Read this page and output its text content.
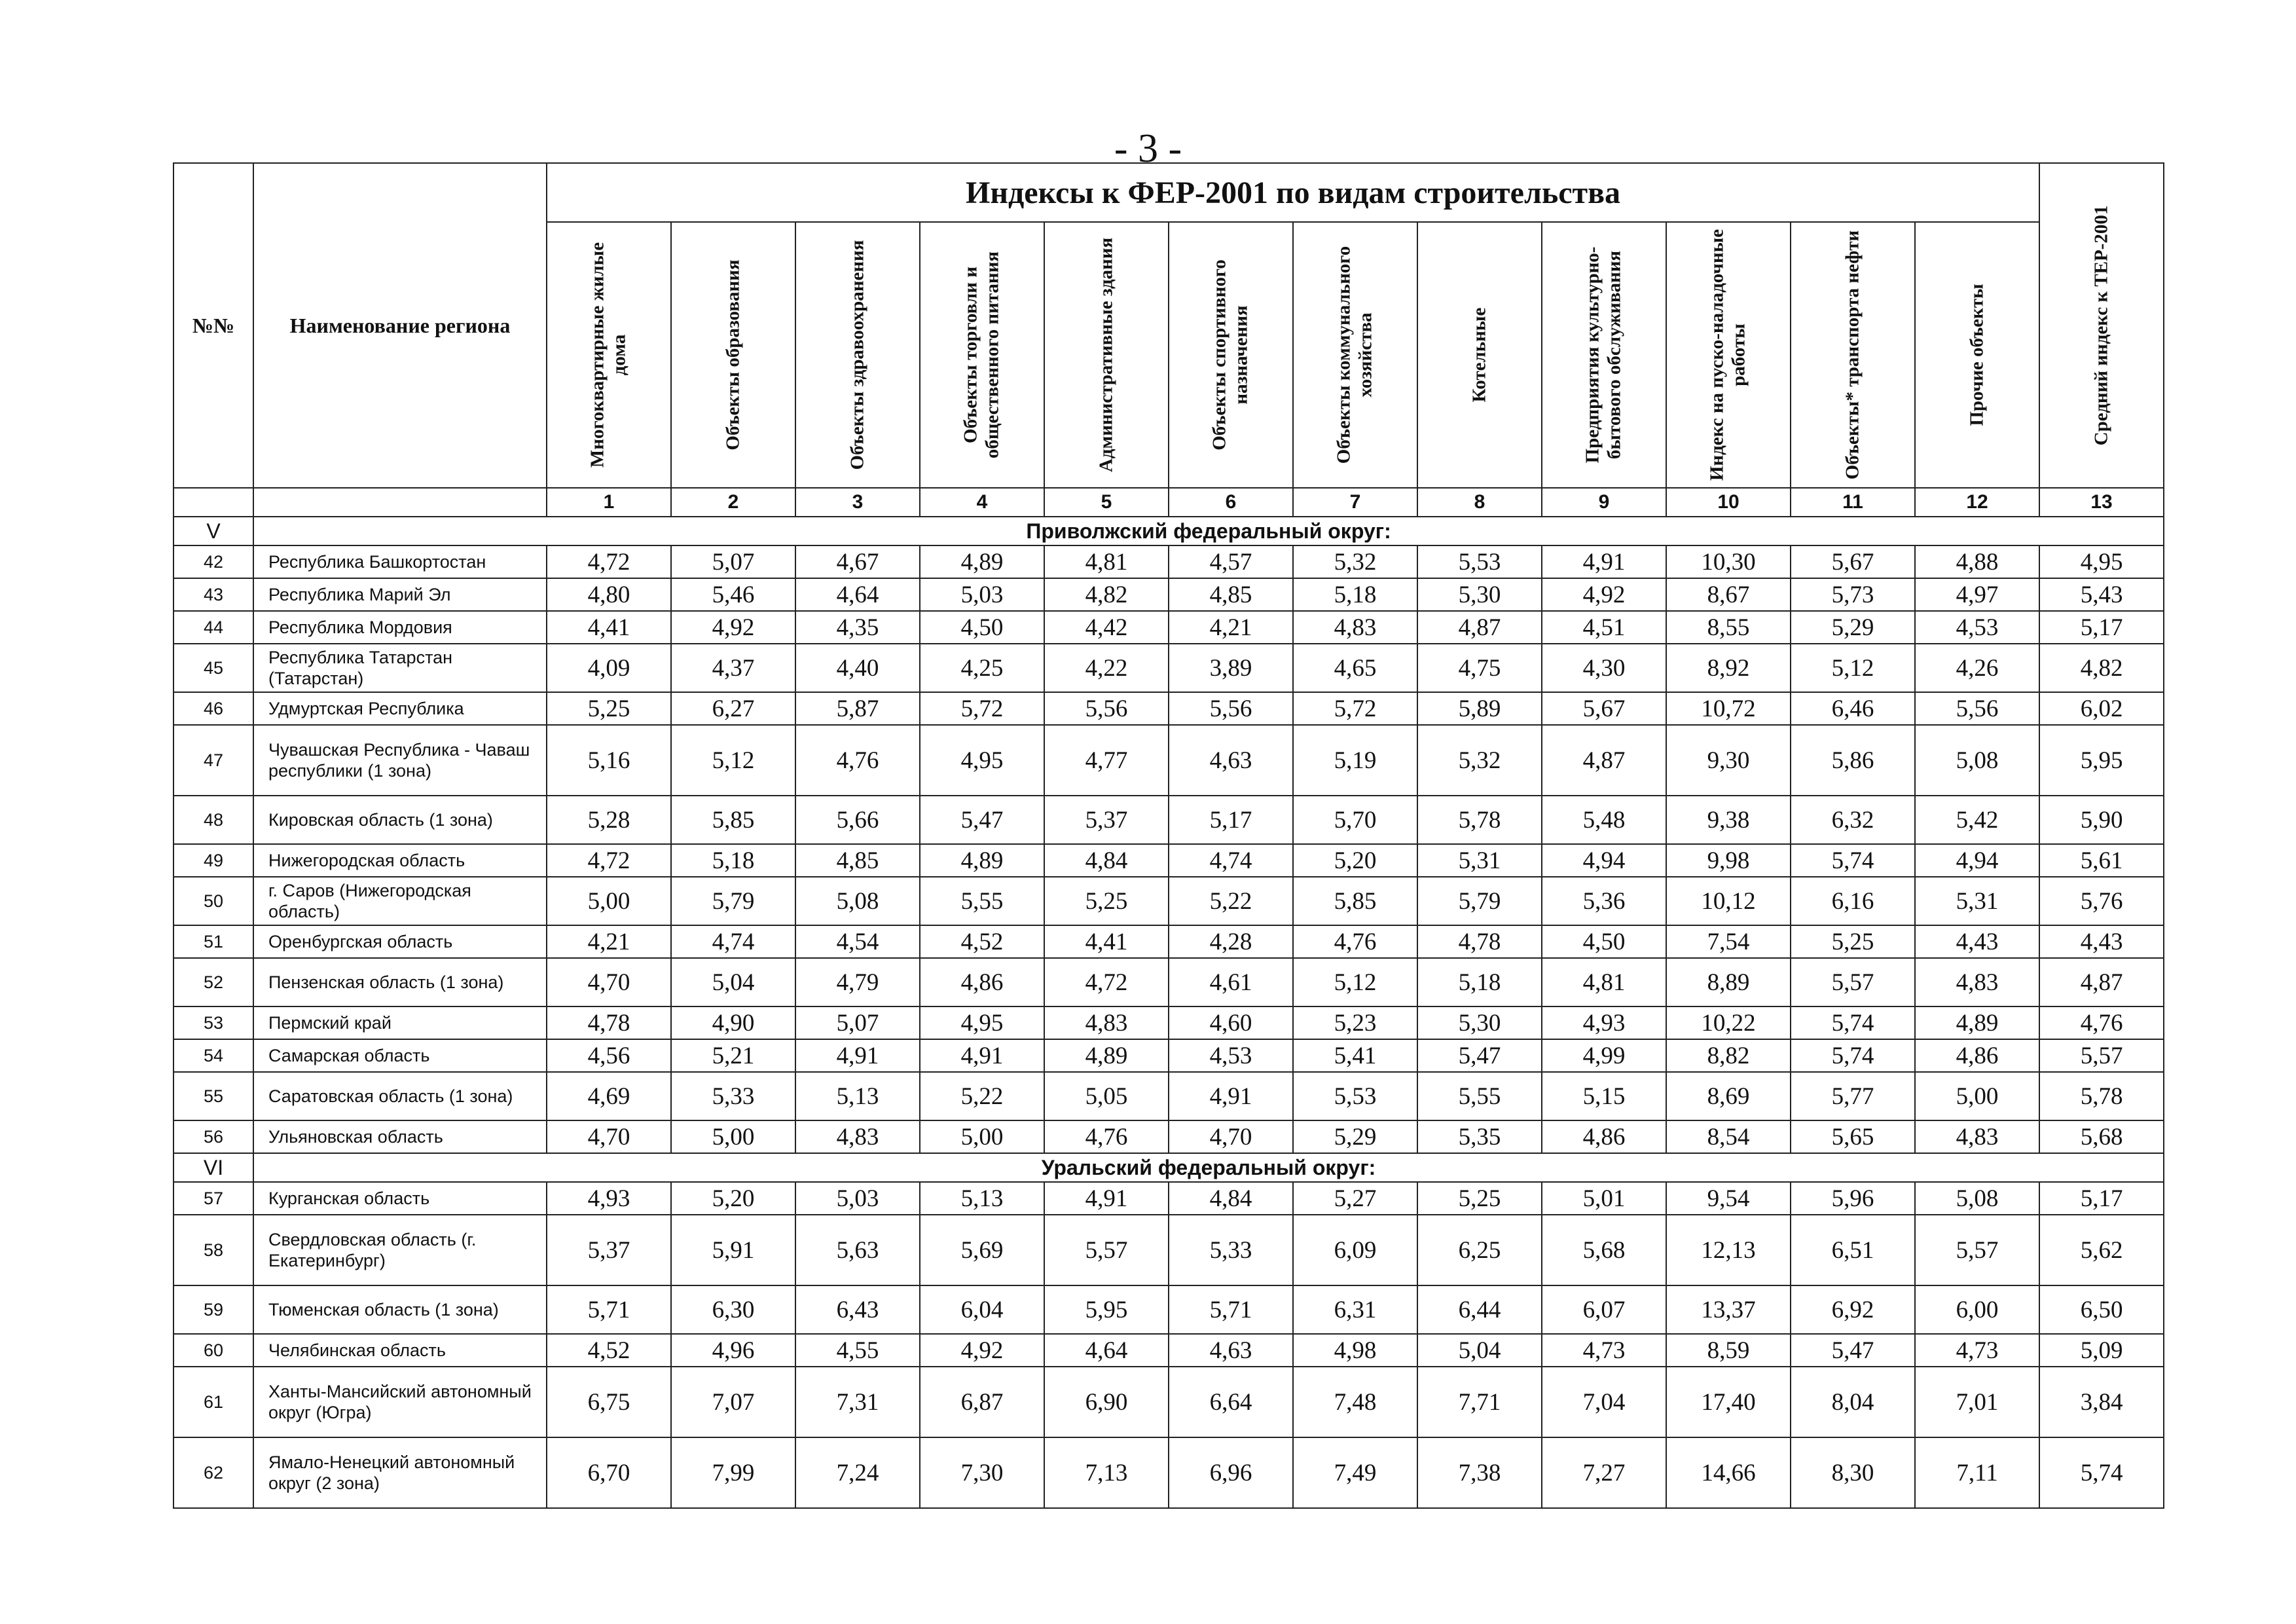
- 3 -
№№	Наименование региона	Индексы к ФЕР-2001 по видам строительства												Средний индекс к ТЕР-2001

		Многоквартирные жилые дома	Объекты образования	Объекты здравоохранения	Объекты торговли и общественного питания	Административные здания	Объекты спортивного назначения	Объекты коммунального хозяйства	Котельные	Предприятия культурно-бытового обслуживания	Индекс на пуско-наладочные работы	Объекты* транспорта нефти	Прочие объекты	

		1	2	3	4	5	6	7	8	9	10	11	12	13
V	Приволжский федеральный округ:													
42	Республика Башкортостан	4,72	5,07	4,67	4,89	4,81	4,57	5,32	5,53	4,91	10,30	5,67	4,88	4,95
43	Республика Марий Эл	4,80	5,46	4,64	5,03	4,82	4,85	5,18	5,30	4,92	8,67	5,73	4,97	5,43
44	Республика Мордовия	4,41	4,92	4,35	4,50	4,42	4,21	4,83	4,87	4,51	8,55	5,29	4,53	5,17
45	Республика Татарстан (Татарстан)	4,09	4,37	4,40	4,25	4,22	3,89	4,65	4,75	4,30	8,92	5,12	4,26	4,82
46	Удмуртская Республика	5,25	6,27	5,87	5,72	5,56	5,56	5,72	5,89	5,67	10,72	6,46	5,56	6,02
47	Чувашская Республика - Чаваш республики (1 зона)	5,16	5,12	4,76	4,95	4,77	4,63	5,19	5,32	4,87	9,30	5,86	5,08	5,95
48	Кировская область (1 зона)	5,28	5,85	5,66	5,47	5,37	5,17	5,70	5,78	5,48	9,38	6,32	5,42	5,90
49	Нижегородская область	4,72	5,18	4,85	4,89	4,84	4,74	5,20	5,31	4,94	9,98	5,74	4,94	5,61
50	г. Саров (Нижегородская область)	5,00	5,79	5,08	5,55	5,25	5,22	5,85	5,79	5,36	10,12	6,16	5,31	5,76
51	Оренбургская область	4,21	4,74	4,54	4,52	4,41	4,28	4,76	4,78	4,50	7,54	5,25	4,43	4,43
52	Пензенская область (1 зона)	4,70	5,04	4,79	4,86	4,72	4,61	5,12	5,18	4,81	8,89	5,57	4,83	4,87
53	Пермский край	4,78	4,90	5,07	4,95	4,83	4,60	5,23	5,30	4,93	10,22	5,74	4,89	4,76
54	Самарская область	4,56	5,21	4,91	4,91	4,89	4,53	5,41	5,47	4,99	8,82	5,74	4,86	5,57
55	Саратовская область (1 зона)	4,69	5,33	5,13	5,22	5,05	4,91	5,53	5,55	5,15	8,69	5,77	5,00	5,78
56	Ульяновская область	4,70	5,00	4,83	5,00	4,76	4,70	5,29	5,35	4,86	8,54	5,65	4,83	5,68
VI	Уральский федеральный округ:													
57	Курганская область	4,93	5,20	5,03	5,13	4,91	4,84	5,27	5,25	5,01	9,54	5,96	5,08	5,17
58	Свердловская область (г. Екатеринбург)	5,37	5,91	5,63	5,69	5,57	5,33	6,09	6,25	5,68	12,13	6,51	5,57	5,62
59	Тюменская область (1 зона)	5,71	6,30	6,43	6,04	5,95	5,71	6,31	6,44	6,07	13,37	6,92	6,00	6,50
60	Челябинская область	4,52	4,96	4,55	4,92	4,64	4,63	4,98	5,04	4,73	8,59	5,47	4,73	5,09
61	Ханты-Мансийский автономный округ (Югра)	6,75	7,07	7,31	6,87	6,90	6,64	7,48	7,71	7,04	17,40	8,04	7,01	3,84
62	Ямало-Ненецкий автономный округ (2 зона)	6,70	7,99	7,24	7,30	7,13	6,96	7,49	7,38	7,27	14,66	8,30	7,11	5,74
